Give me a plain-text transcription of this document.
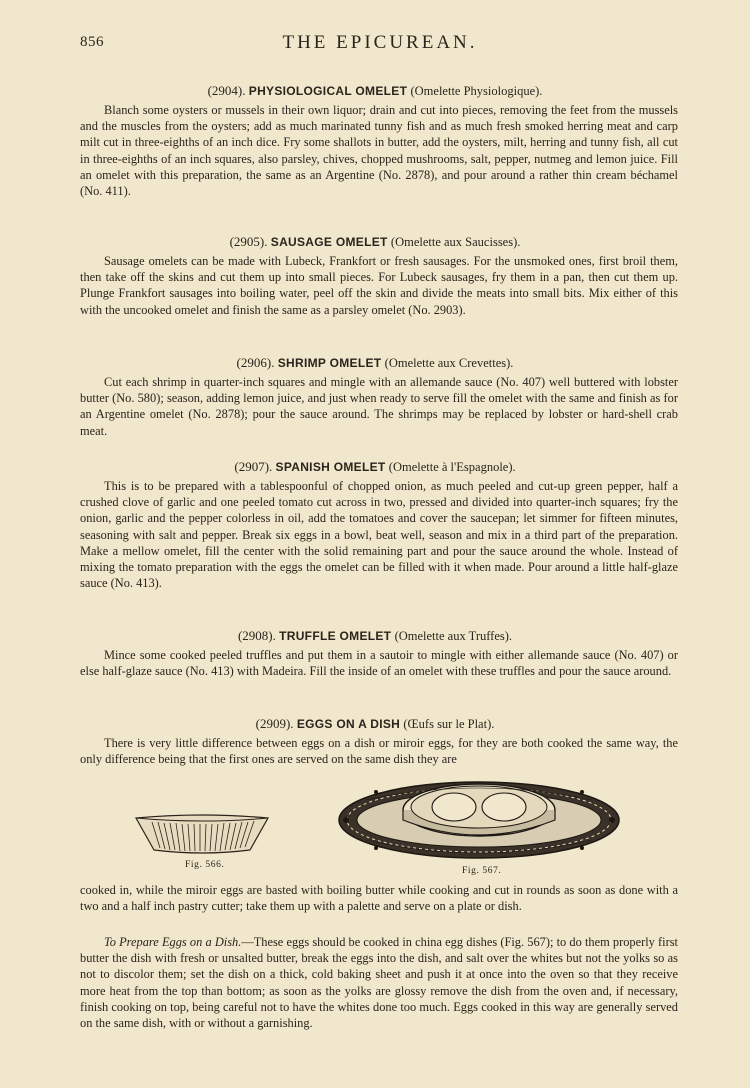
856	THE EPICUREAN.
(2904). PHYSIOLOGICAL OMELET (Omelette Physiologique).

Blanch some oysters or mussels in their own liquor; drain and cut into pieces, removing the feet from the mussels and the muscles from the oysters; add as much marinated tunny fish and as much fresh smoked herring meat and carp milt cut in three-eighths of an inch dice. Fry some shallots in butter, add the oysters, milt, herring and tunny fish, all cut in three-eighths of an inch squares, also parsley, chives, chopped mushrooms, salt, pepper, nutmeg and lemon juice. Fill an omelet with this preparation, the same as an Argentine (No. 2878), and pour around a rather thin cream béchamel (No. 411).

(2905). SAUSAGE OMELET (Omelette aux Saucisses).

Sausage omelets can be made with Lubeck, Frankfort or fresh sausages. For the unsmoked ones, first broil them, then take off the skins and cut them up into small pieces. For Lubeck sausages, fry them in a pan, then cut them up. Plunge Frankfort sausages into boiling water, peel off the skin and divide the meats into small bits. Mix either of this with the uncooked omelet and finish the same as a parsley omelet (No. 2903).

(2906). SHRIMP OMELET (Omelette aux Crevettes).

Cut each shrimp in quarter-inch squares and mingle with an allemande sauce (No. 407) well buttered with lobster butter (No. 580); season, adding lemon juice, and just when ready to serve fill the omelet with the same and finish as for an Argentine omelet (No. 2878); pour the sauce around. The shrimps may be replaced by lobster or hard-shell crab meat.

(2907). SPANISH OMELET (Omelette à l'Espagnole).

This is to be prepared with a tablespoonful of chopped onion, as much peeled and cut-up green pepper, half a crushed clove of garlic and one peeled tomato cut across in two, pressed and divided into quarter-inch squares; fry the onion, garlic and the pepper colorless in oil, add the tomatoes and cover the saucepan; let simmer for fifteen minutes, seasoning with salt and pepper. Break six eggs in a bowl, beat well, season and mix in a third part of the preparation. Make a mellow omelet, fill the center with the solid remaining part and pour the sauce around the whole. Instead of mixing the tomato preparation with the eggs the omelet can be filled with it when made. Pour around a little half-glaze sauce (No. 413).

(2908). TRUFFLE OMELET (Omelette aux Truffes).

Mince some cooked peeled truffles and put them in a sautoir to mingle with either allemande sauce (No. 407) or else half-glaze sauce (No. 413) with Madeira. Fill the inside of an omelet with these truffles and pour the sauce around.

(2909). EGGS ON A DISH (Œufs sur le Plat).

There is very little difference between eggs on a dish or miroir eggs, for they are both cooked the same way, the only difference being that the first ones are served on the same dish they are

Fig. 566.
Fig. 567.

cooked in, while the miroir eggs are basted with boiling butter while cooking and cut in rounds as soon as done with a two and a half inch pastry cutter; take them up with a palette and serve on a plate or dish.

To Prepare Eggs on a Dish.—These eggs should be cooked in china egg dishes (Fig. 567); to do them properly first butter the dish with fresh or unsalted butter, break the eggs into the dish, and salt over the whites but not the yolks so as not to discolor them; set the dish on a thick, cold baking sheet and push it at once into the oven so that they receive more heat from the top than bottom; as soon as the yolks are glossy remove the dish from the oven and, if necessary, finish cooking on top, being careful not to have the whites done too much. Eggs cooked in this way are generally served on the same dish, with or without a garnishing.
